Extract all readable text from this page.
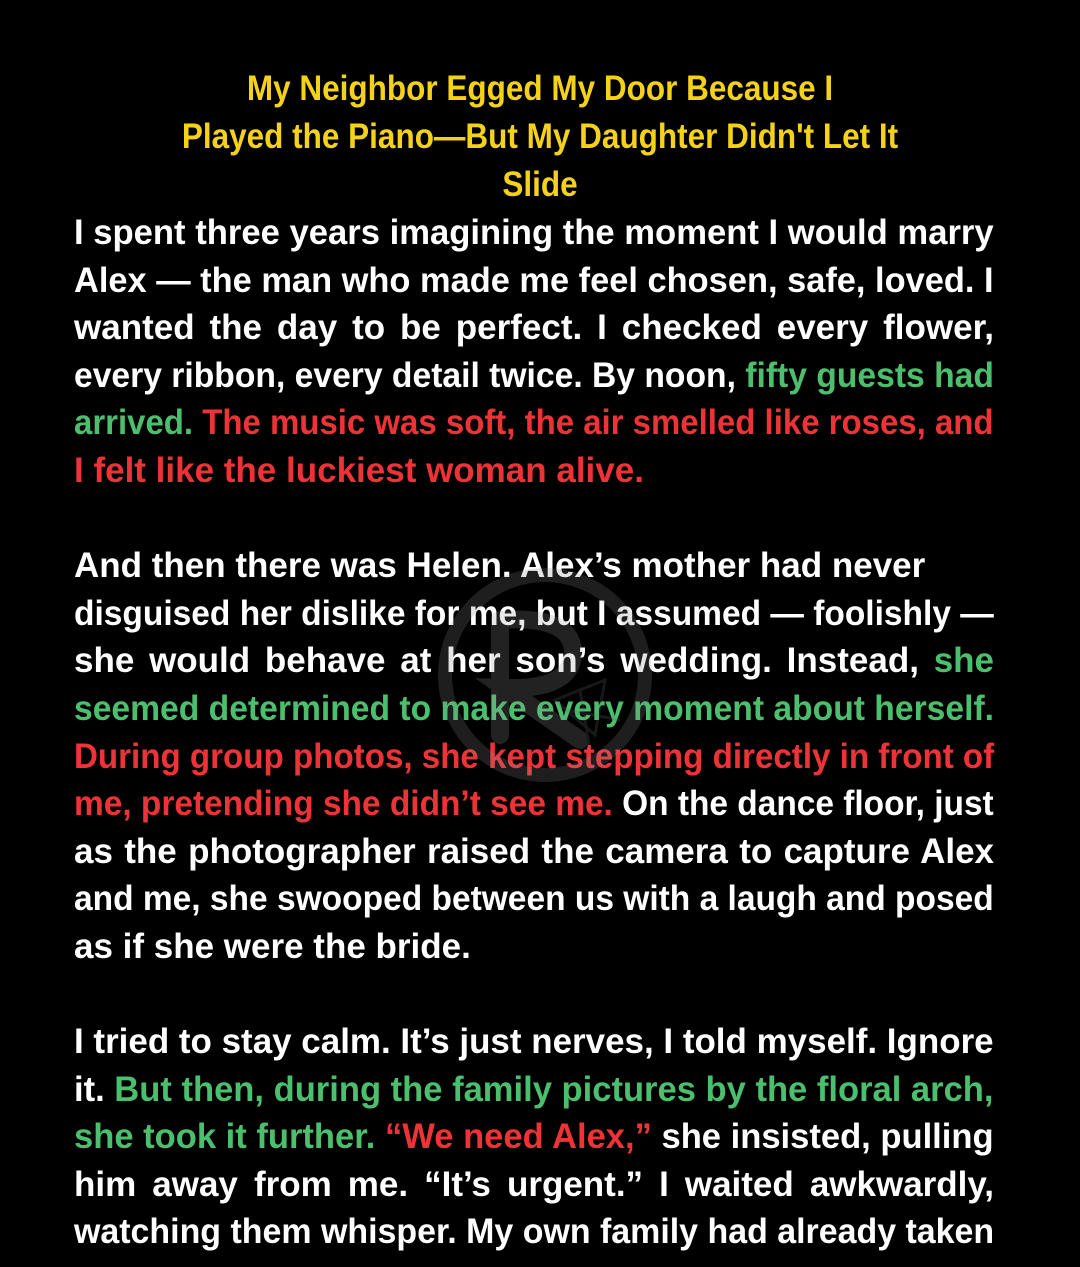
My Neighbor Egged My Door Because I
Played the Piano—But My Daughter Didn't Let It
Slide
I spent three years imagining the moment I would marry
Alex — the man who made me feel chosen, safe, loved. I
wanted the day to be perfect. I checked every flower,
every ribbon, every detail twice. By noon, fifty guests had
arrived. The music was soft, the air smelled like roses, and
I felt like the luckiest woman alive.
And then there was Helen. Alex’s mother had never
disguised her dislike for me, but I assumed — foolishly —
she would behave at her son’s wedding. Instead, she
seemed determined to make every moment about herself.
During group photos, she kept stepping directly in front of
me, pretending she didn’t see me. On the dance floor, just
as the photographer raised the camera to capture Alex
and me, she swooped between us with a laugh and posed
as if she were the bride.
I tried to stay calm. It’s just nerves, I told myself. Ignore
it. But then, during the family pictures by the floral arch,
she took it further. “We need Alex,” she insisted, pulling
him away from me. “It’s urgent.” I waited awkwardly,
watching them whisper. My own family had already taken
